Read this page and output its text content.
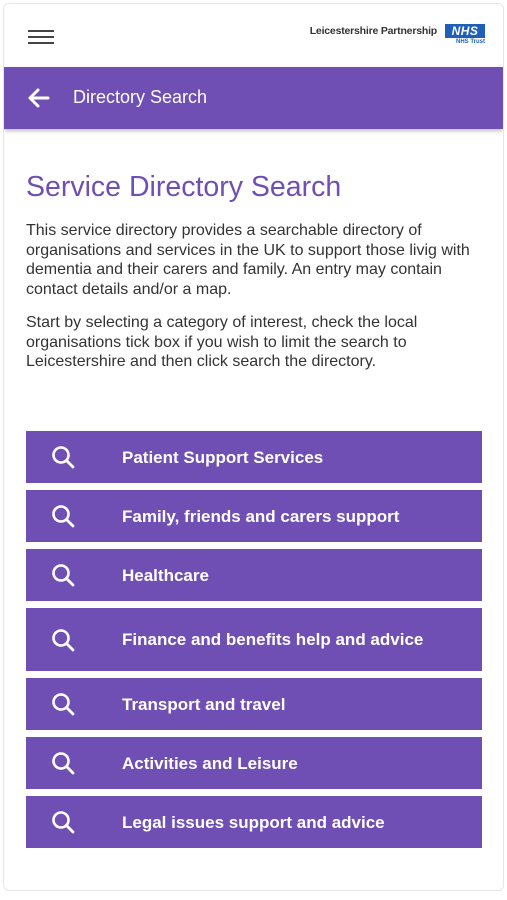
Leicestershire Partnership	NHS
NHS Trust
Directory Search
Service Directory Search

This service directory provides a searchable directory of organisations and services in the UK to support those livig with dementia and their carers and family. An entry may contain contact details and/or a map.

Start by selecting a category of interest, check the local organisations tick box if you wish to limit the search to Leicestershire and then click search the directory.

Patient Support Services
Family, friends and carers support
Healthcare
Finance and benefits help and advice
Transport and travel
Activities and Leisure
Legal issues support and advice
